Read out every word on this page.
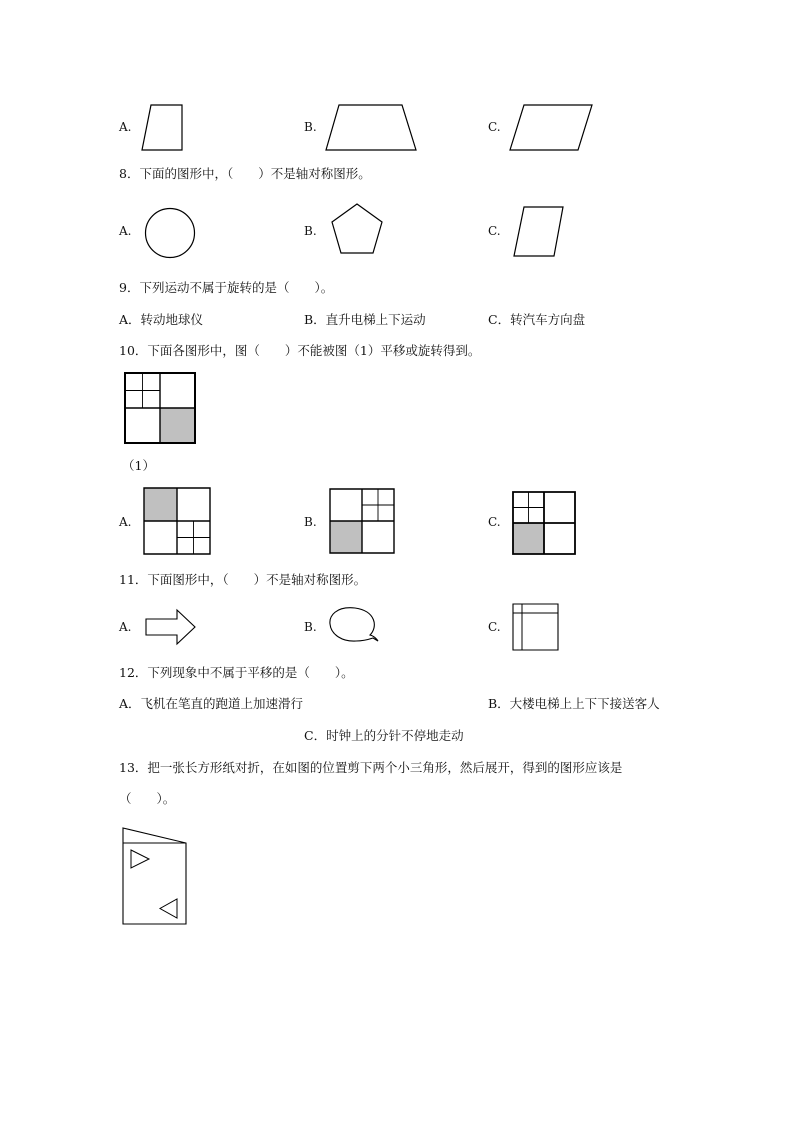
A.	B.	C.
8．下面的图形中，（　　）不是轴对称图形。
A.	B.	C.
9．下列运动不属于旋转的是（　　）。
A．转动地球仪	B．直升电梯上下运动	C．转汽车方向盘
10．下面各图形中，图（　　）不能被图（1）平移或旋转得到。
（1）
A.	B.	C.
11．下面图形中，（　　）不是轴对称图形。
A.	B.	C.
12．下列现象中不属于平移的是（　　）。
A．飞机在笔直的跑道上加速滑行	B．大楼电梯上上下下接送客人
C．时钟上的分针不停地走动
13．把一张长方形纸对折，在如图的位置剪下两个小三角形，然后展开，得到的图形应该是
（　　）。
